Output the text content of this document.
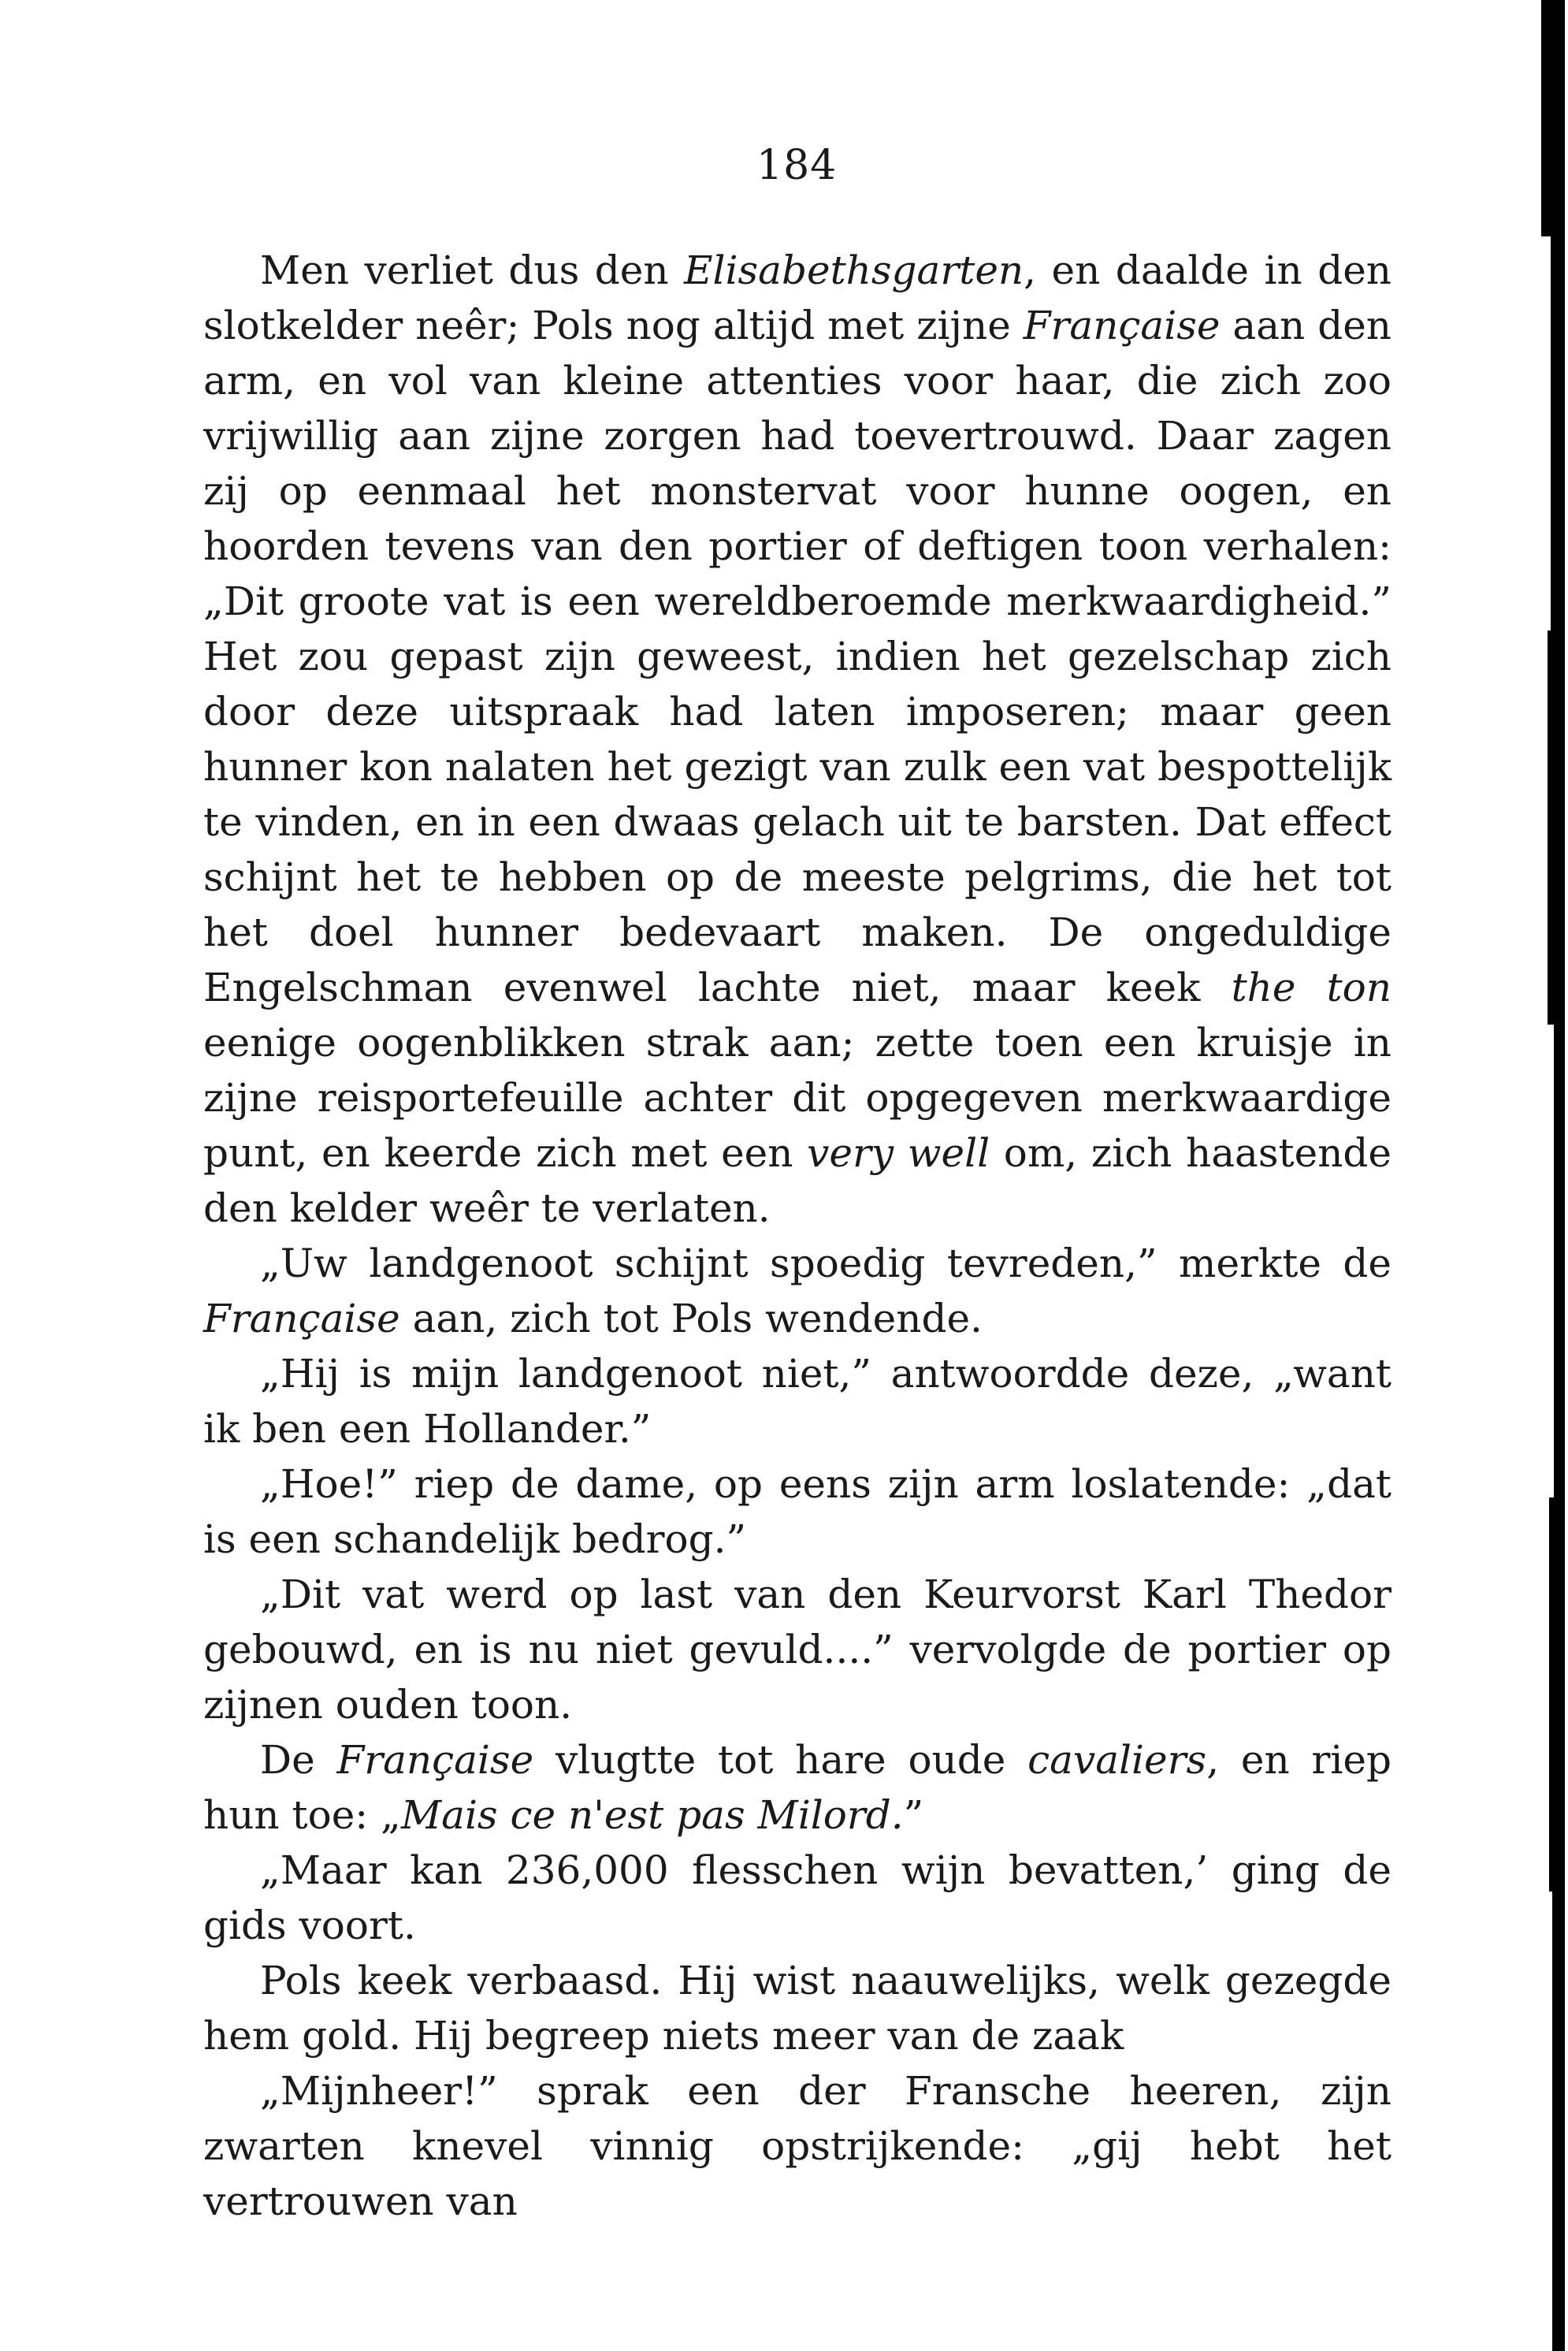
184

Men verliet dus den Elisabethsgarten, en daalde in den slotkelder neêr; Pols nog altijd met zijne Française aan den arm, en vol van kleine attenties voor haar, die zich zoo vrijwillig aan zijne zorgen had toevertrouwd. Daar zagen zij op eenmaal het monstervat voor hunne oogen, en hoorden tevens van den portier of deftigen toon verhalen: „Dit groote vat is een wereldberoemde merkwaardigheid.” Het zou gepast zijn geweest, indien het gezelschap zich door deze uitspraak had laten imposeren; maar geen hunner kon nalaten het gezigt van zulk een vat bespottelijk te vinden, en in een dwaas gelach uit te barsten. Dat effect schijnt het te hebben op de meeste pelgrims, die het tot het doel hunner bedevaart maken. De ongeduldige Engelschman evenwel lachte niet, maar keek the ton eenige oogenblikken strak aan; zette toen een kruisje in zijne reisportefeuille achter dit opgegeven merkwaardige punt, en keerde zich met een very well om, zich haastende den kelder weêr te verlaten.

„Uw landgenoot schijnt spoedig tevreden,” merkte de Française aan, zich tot Pols wendende.

„Hij is mijn landgenoot niet,” antwoordde deze, „want ik ben een Hollander.”

„Hoe!” riep de dame, op eens zijn arm loslatende: „dat is een schandelijk bedrog.”

„Dit vat werd op last van den Keurvorst Karl Thedor gebouwd, en is nu niet gevuld....” vervolgde de portier op zijnen ouden toon.

De Française vlugtte tot hare oude cavaliers, en riep hun toe: „Mais ce n'est pas Milord.”

„Maar kan 236,000 flesschen wijn bevatten,’ ging de gids voort.

Pols keek verbaasd. Hij wist naauwelijks, welk gezegde hem gold. Hij begreep niets meer van de zaak

„Mijnheer!” sprak een der Fransche heeren, zijn zwarten knevel vinnig opstrijkende: „gij hebt het vertrouwen van
